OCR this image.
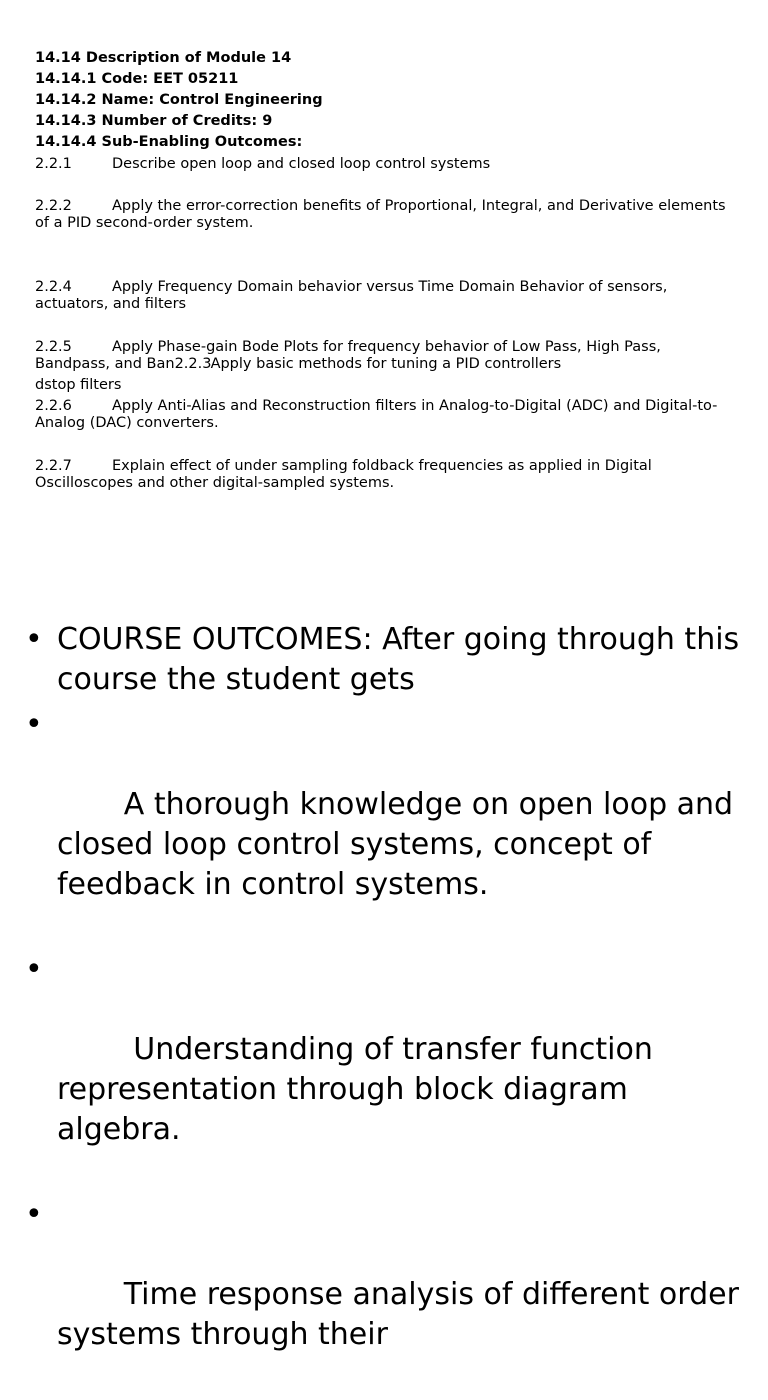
14.14 Description of Module 14
14.14.1 Code: EET 05211
14.14.2 Name: Control Engineering
14.14.3 Number of Credits: 9
14.14.4 Sub-Enabling Outcomes:
2.2.1	Describe open loop and closed loop control systems
2.2.2	Apply the error-correction benefits of Proportional, Integral, and Derivative elements of a PID second-order system.
2.2.4	Apply Frequency Domain behavior versus Time Domain Behavior of sensors, actuators, and filters
2.2.5	Apply Phase-gain Bode Plots for frequency behavior of Low Pass, High Pass, Bandpass, and Ban2.2.3Apply basic methods for tuning a PID controllers
dstop filters
2.2.6	Apply Anti-Alias and Reconstruction filters in Analog-to-Digital (ADC) and Digital-to-Analog (DAC) converters.
2.2.7	Explain effect of under sampling foldback frequencies as applied in Digital Oscilloscopes and other digital-sampled systems.
• COURSE OUTCOMES: After going through this course the student gets

•

A thorough knowledge on open loop and closed loop control systems, concept of feedback in control systems.

•

Understanding of transfer function representation through block diagram algebra.

•

Time response analysis of different order systems through their
